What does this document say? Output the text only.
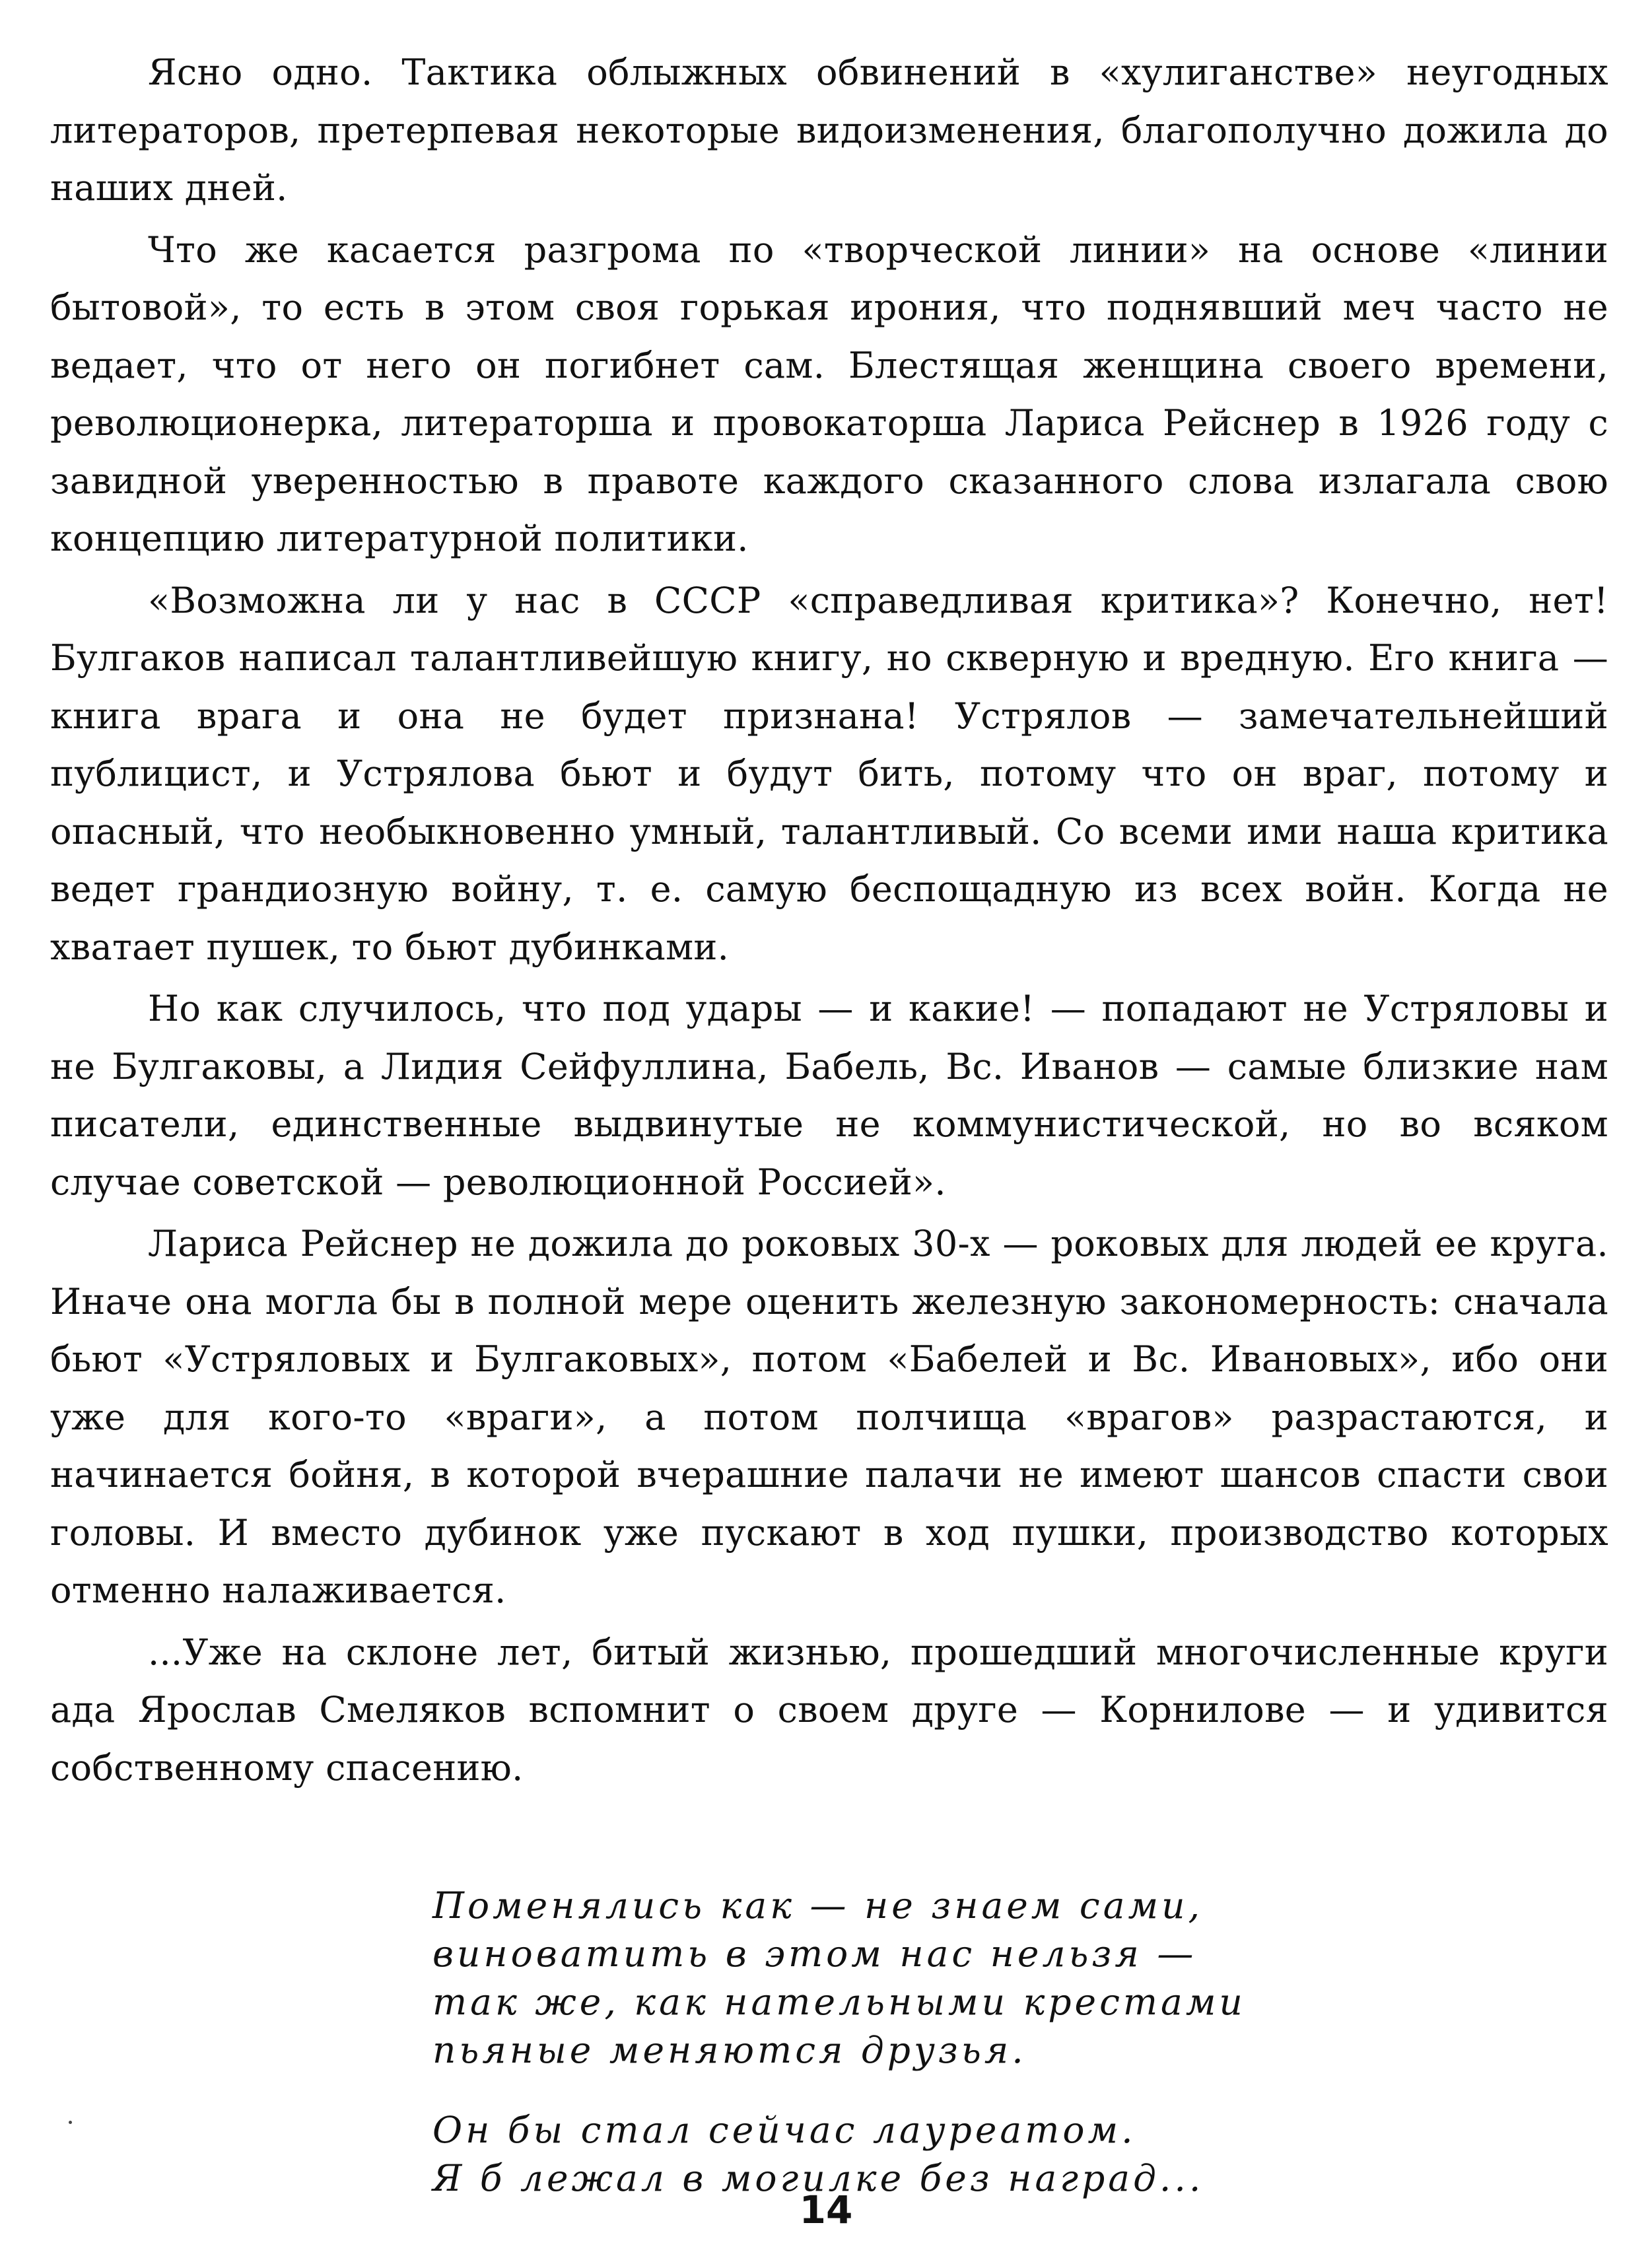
Ясно одно. Тактика облыжных обвинений в «хулиганстве» неугодных литераторов, претерпевая некоторые видоизменения, благополучно дожила до наших дней.

Что же касается разгрома по «творческой линии» на основе «линии бытовой», то есть в этом своя горькая ирония, что поднявший меч часто не ведает, что от него он погибнет сам. Блестящая женщина своего времени, революционерка, литераторша и провокаторша Лариса Рейснер в 1926 году с завидной уверенностью в правоте каждого сказанного слова излагала свою концепцию литературной политики.

«Возможна ли у нас в СССР «справедливая критика»? Конечно, нет! Булгаков написал талантливейшую книгу, но скверную и вредную. Его книга — книга врага и она не будет признана! Устрялов — замечательнейший публицист, и Устрялова бьют и будут бить, потому что он враг, потому и опасный, что необыкновенно умный, талантливый. Со всеми ими наша критика ведет грандиозную войну, т. е. самую беспощадную из всех войн. Когда не хватает пушек, то бьют дубинками.

Но как случилось, что под удары — и какие! — попадают не Устряловы и не Булгаковы, а Лидия Сейфуллина, Бабель, Вс. Иванов — самые близкие нам писатели, единственные выдвинутые не коммунистической, но во всяком случае советской — революционной Россией».

Лариса Рейснер не дожила до роковых 30-х — роковых для людей ее круга. Иначе она могла бы в полной мере оценить железную закономерность: сначала бьют «Устряловых и Булгаковых», потом «Бабелей и Вс. Ивановых», ибо они уже для кого-то «враги», а потом полчища «врагов» разрастаются, и начинается бойня, в которой вчерашние палачи не имеют шансов спасти свои головы. И вместо дубинок уже пускают в ход пушки, производство которых отменно налаживается.

...Уже на склоне лет, битый жизнью, прошедший многочисленные круги ада Ярослав Смеляков вспомнит о своем друге — Корнилове — и удивится собственному спасению.

Поменялись как — не знаем сами,
виноватить в этом нас нельзя —
так же, как нательными крестами
пьяные меняются друзья.
Он бы стал сейчас лауреатом.
Я б лежал в могилке без наград...
14
